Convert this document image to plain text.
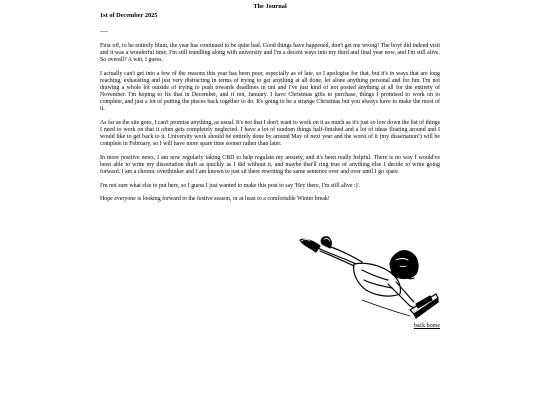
The Journal
1st of December 2025
----

First off, to be entirely blunt, the year has continued to be quite bad. Good things have happened, don't get me wrong! The boyf did indeed visit and it was a wonderful time, I'm still trundling along with university and I'm a decent ways into my third and final year now, and I'm still alive. So overall? A win, I guess.

I actually can't get into a few of the reasons this year has been poor, especially as of late, so I apologise for that, but it's in ways that are long reaching, exhausting and just very distracting in terms of trying to get anything at all done, let alone anything personal and for fun. I'm not drawing a whole lot outside of trying to push towards deadlines in uni and I've just kind of not posted anything at all for the entirety of November. I'm hoping to fix that in December, and if not, January. I have Christmas gifts to purchase, things I promised to work on to complete, and just a lot of putting the pieces back together to do. It's going to be a strange Christmas but you always have to make the most of it.

As far as the site goes, I can't promise anything, as usual. It's not that I don't want to work on it as much as it's just so low down the list of things I need to work on that it often gets completely neglected. I have a lot of random things half-finished and a lot of ideas floating around and I would like to get back to it. University work should be entirely done by around May of next year and the worst of it (my dissertation!) will be complete in February, so I will have more spare time sooner rather than later.

In more positive news, I am now regularly taking CBD to help regulate my anxiety, and it's been really helpful. There is no way I would've been able to write my dissertation draft as quickly as I did without it, and maybe that'll ring true of anything else I decide to write going forward. I am a chronic overthinker and I am known to just sit there rewriting the same sentence over and over until I go spare.

I'm not sure what else to put here, so I guess I just wanted to make this post to say 'Hey there, I'm still alive :)'.

Hope everyone is looking forward to the festive season, or at least to a comfortable Winter break!

back home
